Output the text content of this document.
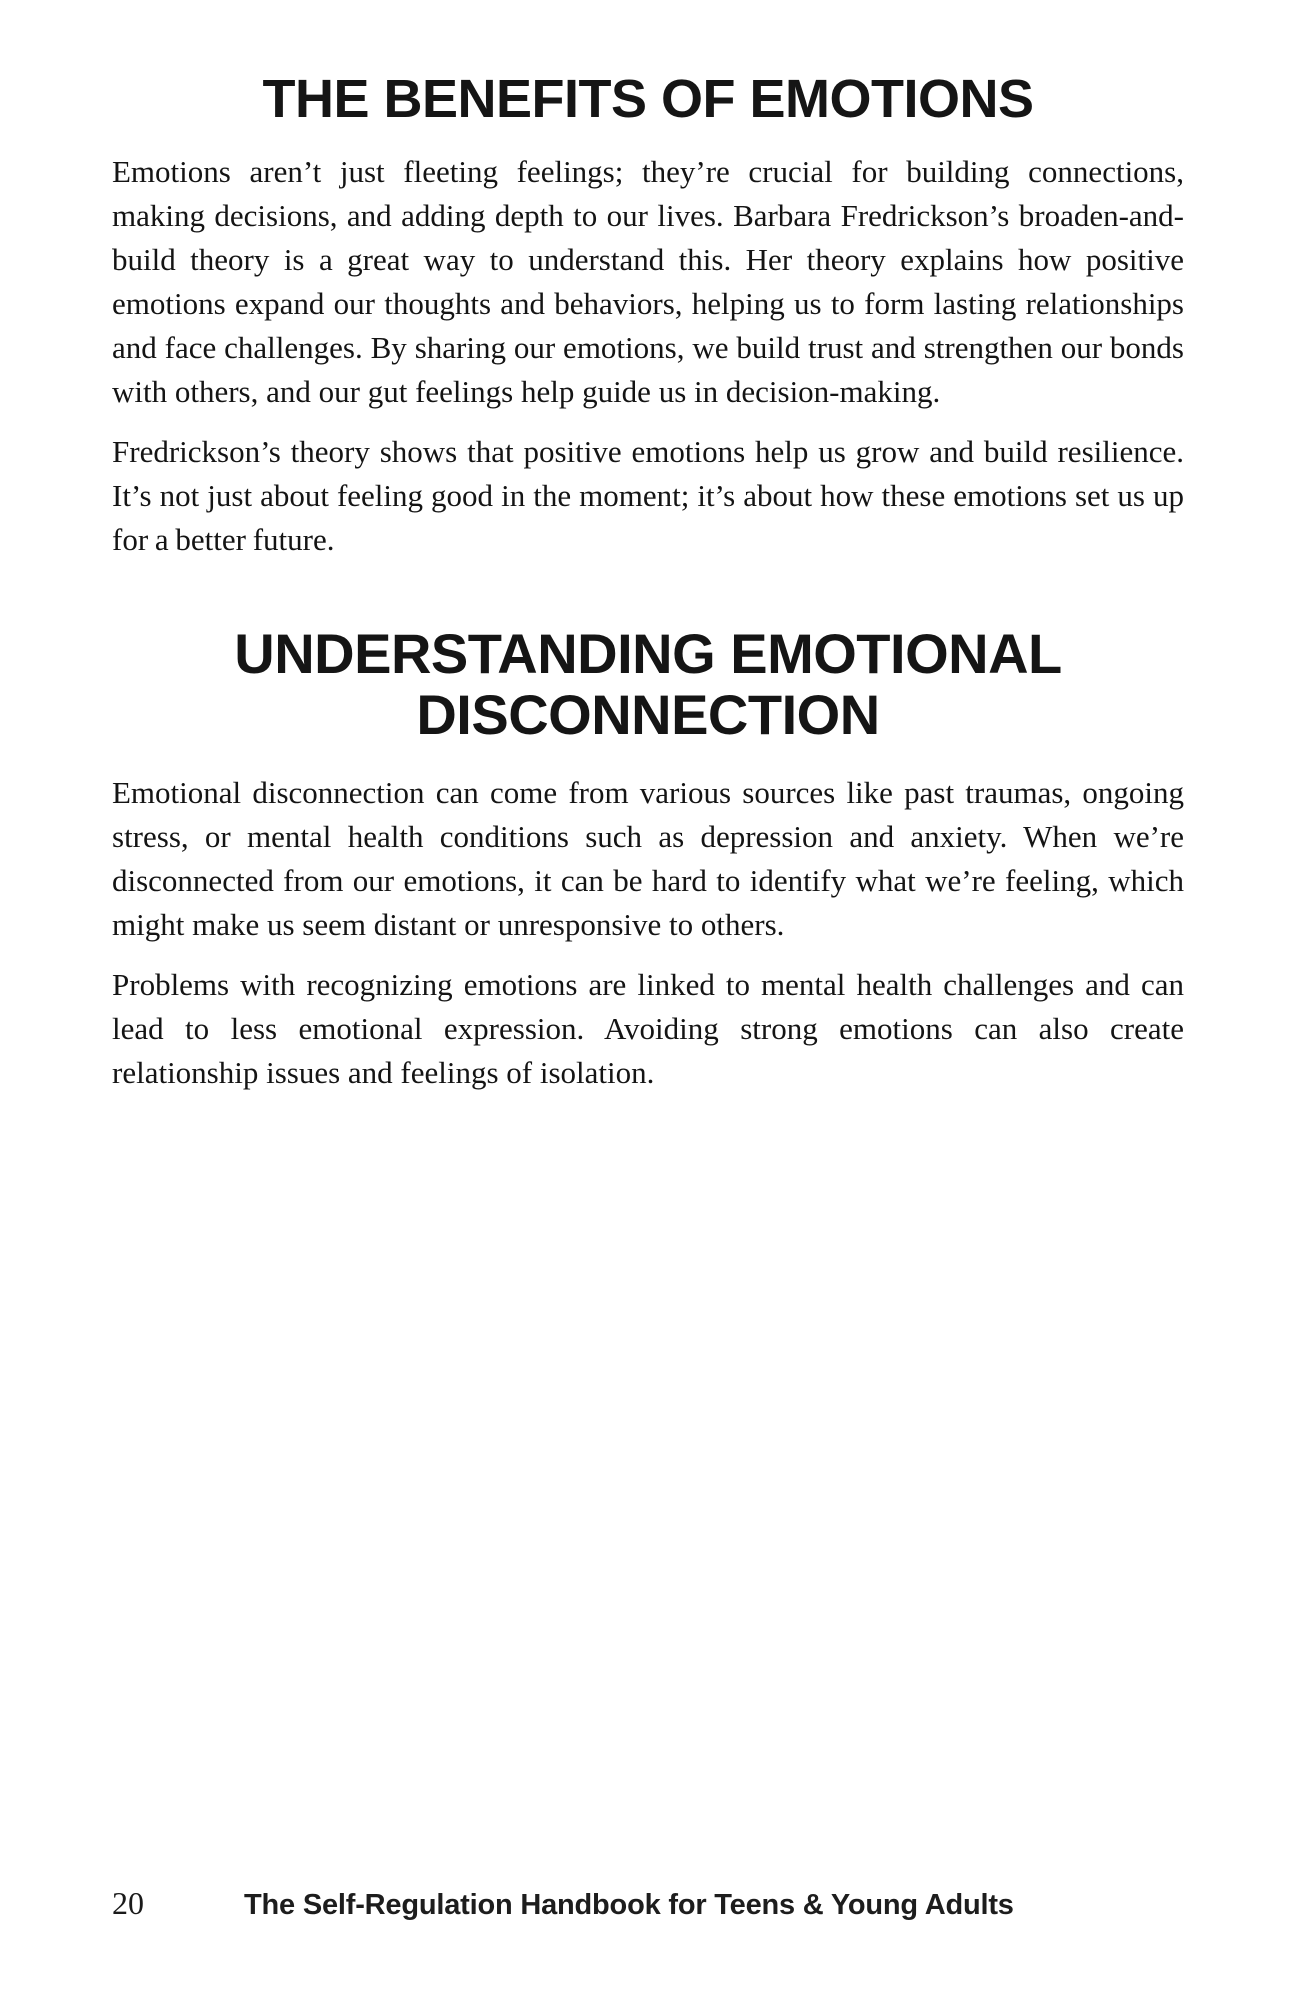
THE BENEFITS OF EMOTIONS

Emotions aren’t just fleeting feelings; they’re crucial for building connections, making decisions, and adding depth to our lives. Barbara Fredrickson’s broaden-and-build theory is a great way to understand this. Her theory explains how positive emotions expand our thoughts and behaviors, helping us to form lasting relationships and face challenges. By sharing our emotions, we build trust and strengthen our bonds with others, and our gut feelings help guide us in decision-making.

Fredrickson’s theory shows that positive emotions help us grow and build resilience. It’s not just about feeling good in the moment; it’s about how these emotions set us up for a better future.

UNDERSTANDING EMOTIONAL DISCONNECTION

Emotional disconnection can come from various sources like past traumas, ongoing stress, or mental health conditions such as depression and anxiety. When we’re disconnected from our emotions, it can be hard to identify what we’re feeling, which might make us seem distant or unresponsive to others.

Problems with recognizing emotions are linked to mental health challenges and can lead to less emotional expression. Avoiding strong emotions can also create relationship issues and feelings of isolation.

20	The Self-Regulation Handbook for Teens & Young Adults
